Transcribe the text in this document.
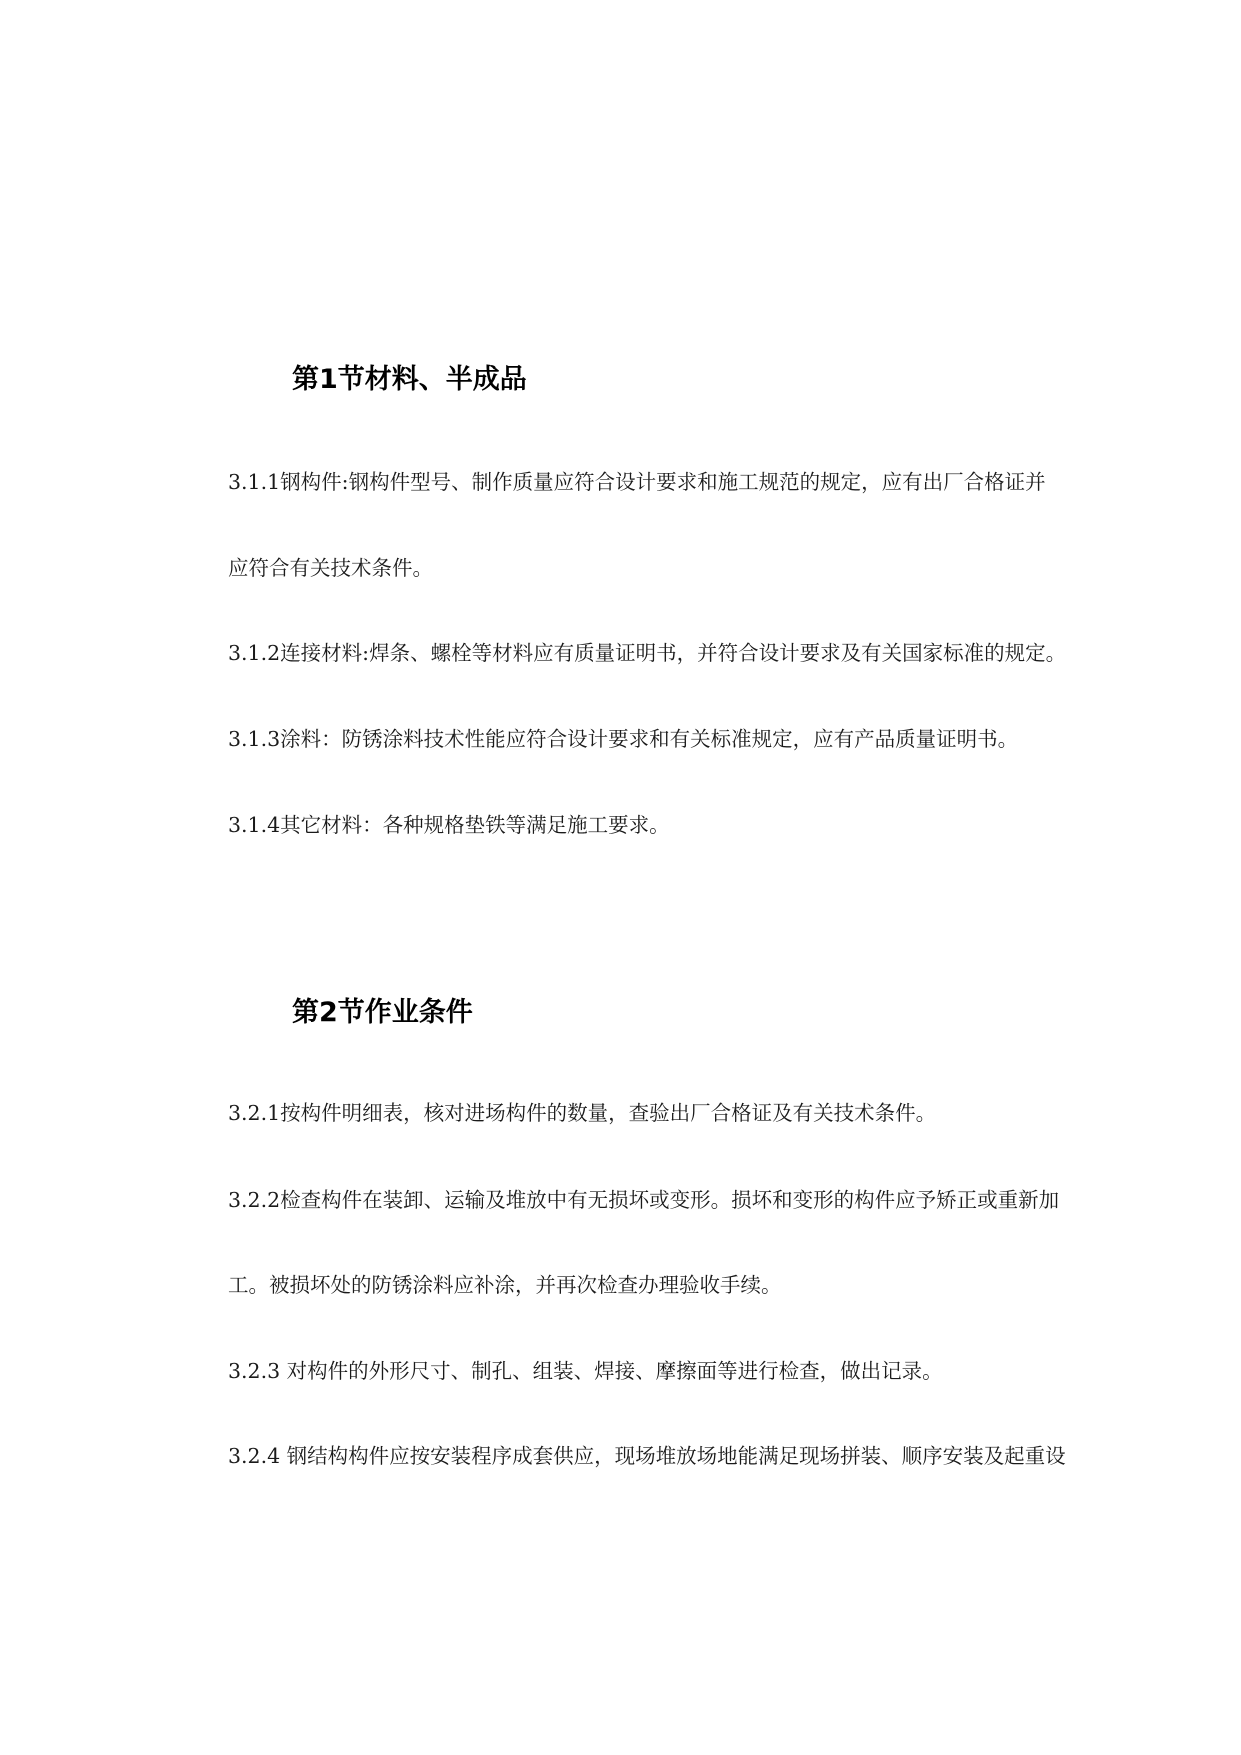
第1节材料、半成品

3.1.1钢构件:钢构件型号、制作质量应符合设计要求和施工规范的规定，应有出厂合格证并

应符合有关技术条件。

3.1.2连接材料:焊条、螺栓等材料应有质量证明书，并符合设计要求及有关国家标准的规定。

3.1.3涂料：防锈涂料技术性能应符合设计要求和有关标准规定，应有产品质量证明书。

3.1.4其它材料：各种规格垫铁等满足施工要求。

第2节作业条件

3.2.1按构件明细表，核对进场构件的数量，查验出厂合格证及有关技术条件。

3.2.2检查构件在装卸、运输及堆放中有无损坏或变形。损坏和变形的构件应予矫正或重新加

工。被损坏处的防锈涂料应补涂，并再次检查办理验收手续。

3.2.3 对构件的外形尺寸、制孔、组装、焊接、摩擦面等进行检查，做出记录。

3.2.4 钢结构构件应按安装程序成套供应，现场堆放场地能满足现场拼装、顺序安装及起重设
